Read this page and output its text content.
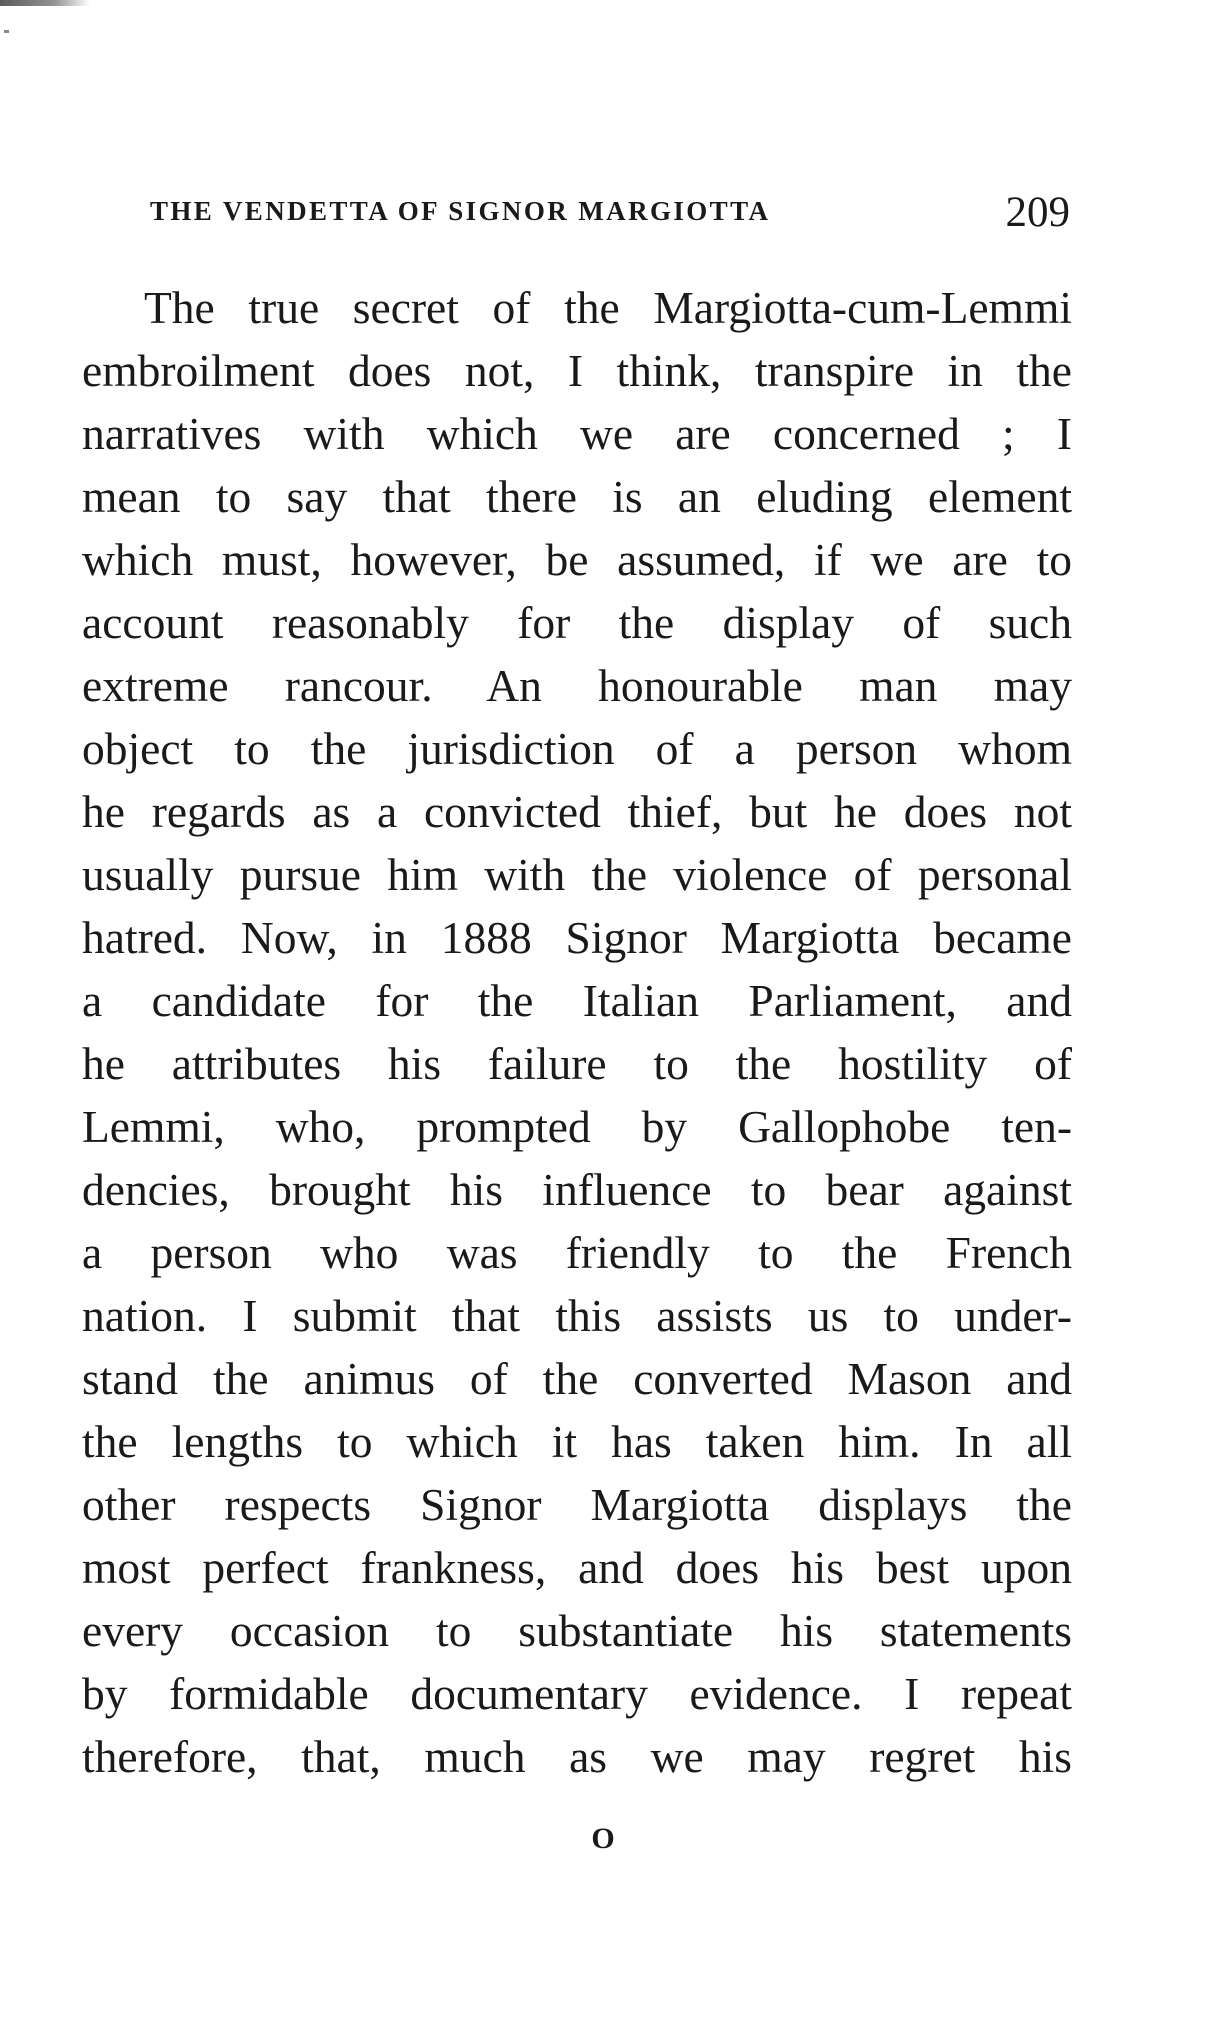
THE VENDETTA OF SIGNOR MARGIOTTA	209
The true secret of the Margiotta-cum-Lemmi
embroilment does not, I think, transpire in the
narratives with which we are concerned ; I
mean to say that there is an eluding element
which must, however, be assumed, if we are to
account reasonably for the display of such
extreme rancour. An honourable man may
object to the jurisdiction of a person whom
he regards as a convicted thief, but he does not
usually pursue him with the violence of personal
hatred. Now, in 1888 Signor Margiotta became
a candidate for the Italian Parliament, and
he attributes his failure to the hostility of
Lemmi, who, prompted by Gallophobe ten-
dencies, brought his influence to bear against
a person who was friendly to the French
nation. I submit that this assists us to under-
stand the animus of the converted Mason and
the lengths to which it has taken him. In all
other respects Signor Margiotta displays the
most perfect frankness, and does his best upon
every occasion to substantiate his statements
by formidable documentary evidence. I repeat
therefore, that, much as we may regret his
O
